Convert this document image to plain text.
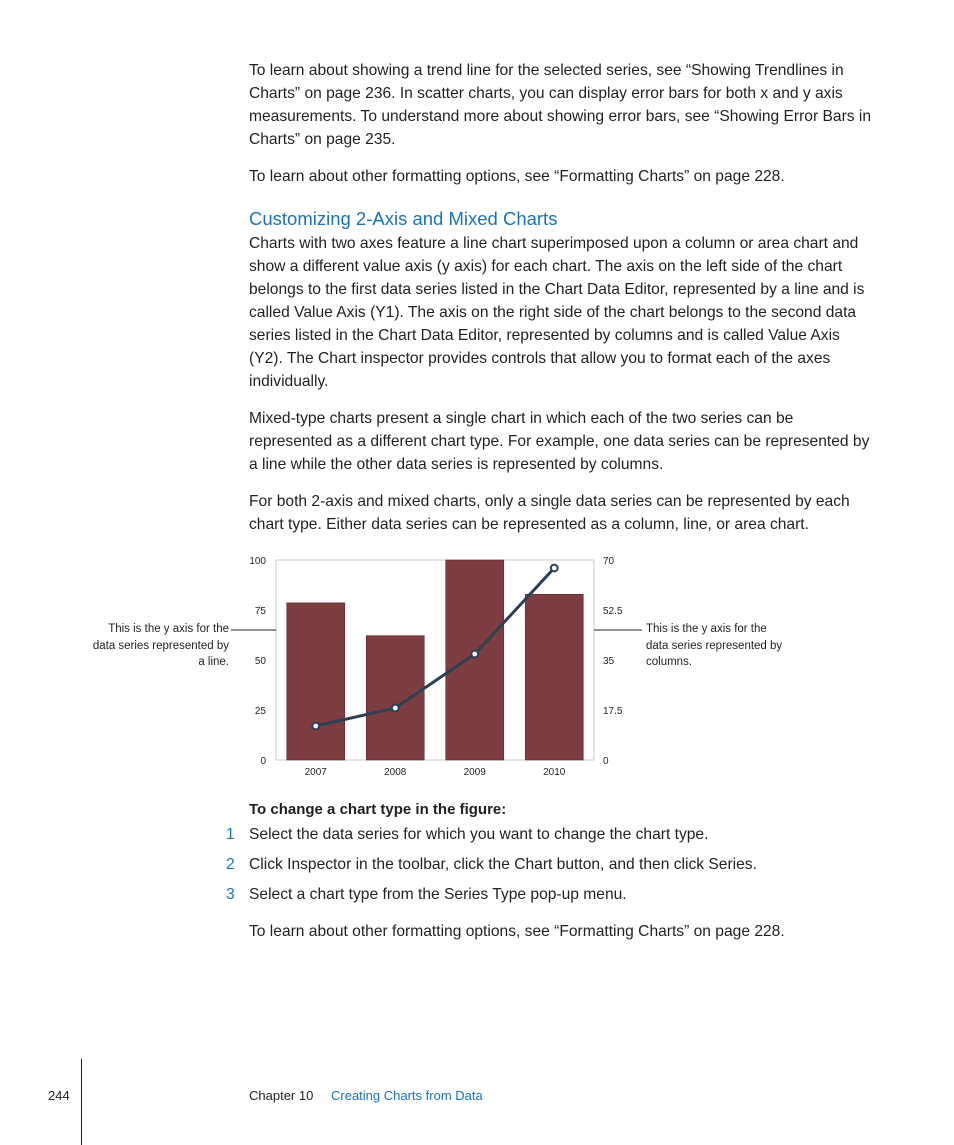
To learn about showing a trend line for the selected series, see “Showing Trendlines in Charts” on page 236. In scatter charts, you can display error bars for both x and y axis measurements. To understand more about showing error bars, see “Showing Error Bars in Charts” on page 235.

To learn about other formatting options, see “Formatting Charts” on page 228.

Customizing 2-Axis and Mixed Charts

Charts with two axes feature a line chart superimposed upon a column or area chart and show a different value axis (y axis) for each chart. The axis on the left side of the chart belongs to the first data series listed in the Chart Data Editor, represented by a line and is called Value Axis (Y1). The axis on the right side of the chart belongs to the second data series listed in the Chart Data Editor, represented by columns and is called Value Axis (Y2). The Chart inspector provides controls that allow you to format each of the axes individually.

Mixed-type charts present a single chart in which each of the two series can be represented as a different chart type. For example, one data series can be represented by a line while the other data series is represented by columns.

For both 2-axis and mixed charts, only a single data series can be represented by each chart type. Either data series can be represented as a column, line, or area chart.

0
25
50
75
100
0
17.5
35
52.5
70
2007	2008	2009	2010
This is the y axis for the data series represented by a line.
This is the y axis for the data series represented by columns.
To change a chart type in the figure:
1 Select the data series for which you want to change the chart type.
2 Click Inspector in the toolbar, click the Chart button, and then click Series.
3 Select a chart type from the Series Type pop-up menu.

To learn about other formatting options, see “Formatting Charts” on page 228.

244	Chapter 10 Creating Charts from Data
